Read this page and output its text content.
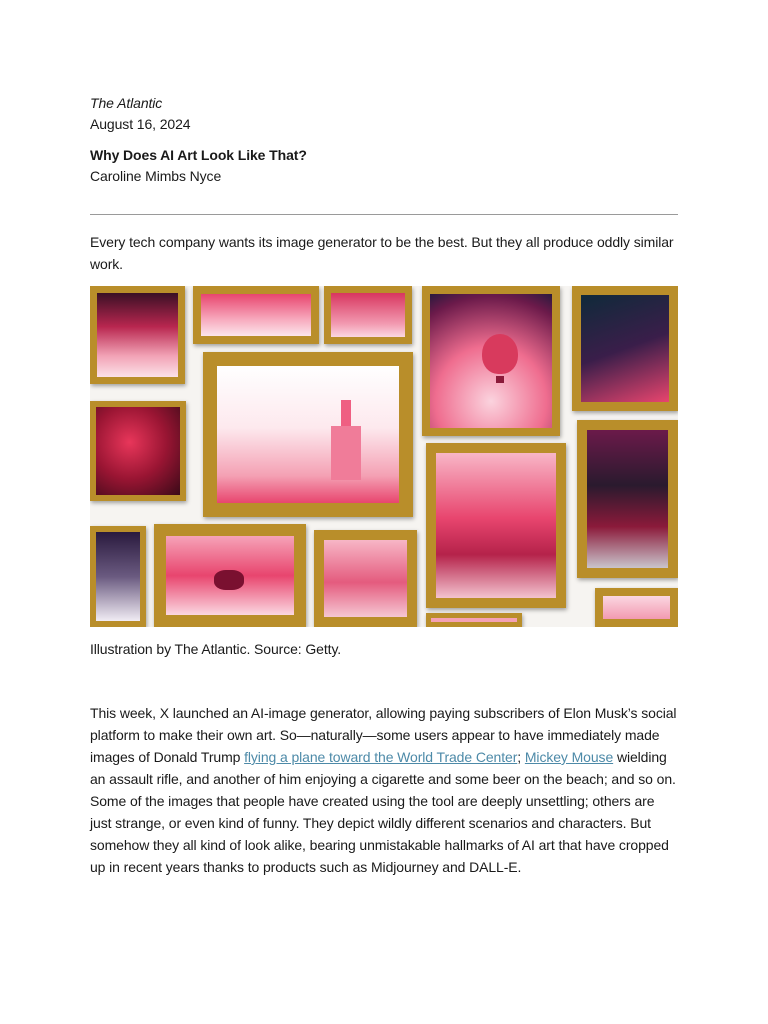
The Atlantic

August 16, 2024

Why Does AI Art Look Like That?

Caroline Mimbs Nyce

Every tech company wants its image generator to be the best. But they all produce oddly similar work.

Illustration by The Atlantic. Source: Getty.

This week, X launched an AI-image generator, allowing paying subscribers of Elon Musk’s social platform to make their own art. So—naturally—some users appear to have immediately made images of Donald Trump flying a plane toward the World Trade Center; Mickey Mouse wielding an assault rifle, and another of him enjoying a cigarette and some beer on the beach; and so on. Some of the images that people have created using the tool are deeply unsettling; others are just strange, or even kind of funny. They depict wildly different scenarios and characters. But somehow they all kind of look alike, bearing unmistakable hallmarks of AI art that have cropped up in recent years thanks to products such as Midjourney and DALL-E.
